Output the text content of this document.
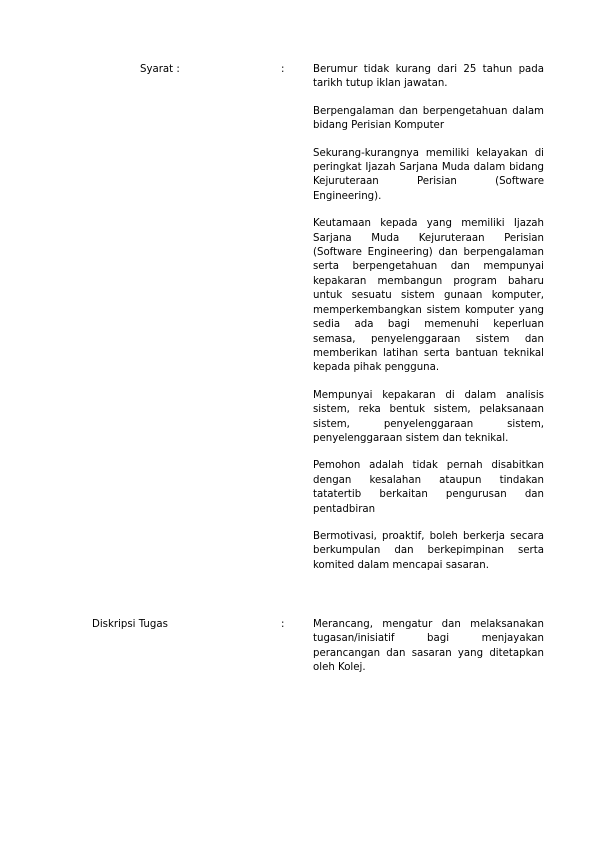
Syarat :	:	Berumur tidak kurang dari 25 tahun pada tarikh tutup iklan jawatan.

Berpengalaman dan berpengetahuan dalam bidang Perisian Komputer

Sekurang-kurangnya memiliki kelayakan di peringkat Ijazah Sarjana Muda dalam bidang Kejuruteraan Perisian (Software Engineering).

Keutamaan kepada yang memiliki Ijazah Sarjana Muda Kejuruteraan Perisian (Software Engineering) dan berpengalaman serta berpengetahuan dan mempunyai kepakaran membangun program baharu untuk sesuatu sistem gunaan komputer, memperkembangkan sistem komputer yang sedia ada bagi memenuhi keperluan semasa, penyelenggaraan sistem dan memberikan latihan serta bantuan teknikal kepada pihak pengguna.

Mempunyai kepakaran di dalam analisis sistem, reka bentuk sistem, pelaksanaan sistem, penyelenggaraan sistem, penyelenggaraan sistem dan teknikal.

Pemohon adalah tidak pernah disabitkan dengan kesalahan ataupun tindakan tatatertib berkaitan pengurusan dan pentadbiran

Bermotivasi, proaktif, boleh berkerja secara berkumpulan dan berkepimpinan serta komited dalam mencapai sasaran.

Diskripsi Tugas	:	Merancang, mengatur dan melaksanakan tugasan/inisiatif bagi menjayakan perancangan dan sasaran yang ditetapkan oleh Kolej.
